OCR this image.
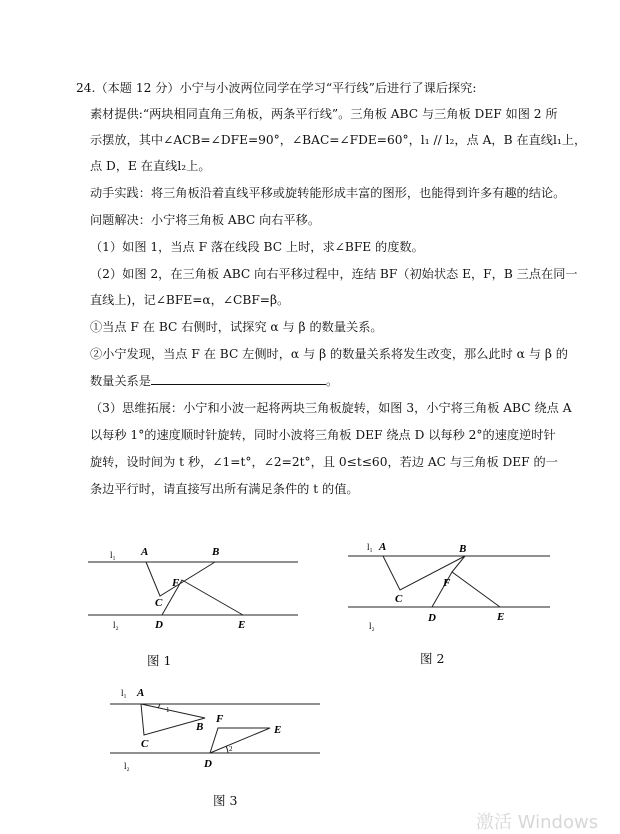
24.（本题 12 分）小宁与小波两位同学在学习“平行线”后进行了课后探究:
素材提供:“两块相同直角三角板，两条平行线”。三角板 ABC 与三角板 DEF 如图 2 所
示摆放，其中∠ACB=∠DFE=90°，∠BAC=∠FDE=60°，l₁ // l₂，点 A，B 在直线l₁上，
点 D，E 在直线l₂上。
动手实践：将三角板沿着直线平移或旋转能形成丰富的图形，也能得到许多有趣的结论。
问题解决：小宁将三角板 ABC 向右平移。
（1）如图 1，当点 F 落在线段 BC 上时，求∠BFE 的度数。
（2）如图 2，在三角板 ABC 向右平移过程中，连结 BF（初始状态 E，F，B 三点在同一
直线上)，记∠BFE=α，∠CBF=β。
①当点 F 在 BC 右侧时，试探究 α 与 β 的数量关系。
②小宁发现，当点 F 在 BC 左侧时，α 与 β 的数量关系将发生改变，那么此时 α 与 β 的
数量关系是	。
（3）思维拓展：小宁和小波一起将两块三角板旋转，如图 3，小宁将三角板 ABC 绕点 A
以每秒 1°的速度顺时针旋转，同时小波将三角板 DEF 绕点 D 以每秒 2°的速度逆时针
旋转，设时间为 t 秒，∠1=t°，∠2=2t°，且 0≤t≤60，若边 AC 与三角板 DEF 的一
条边平行时，请直接写出所有满足条件的 t 的值。
l₁
l₂
A	B
C
F
D	E
l₁
l₂
A	B
C
F
D	E
l₁
l₂
A
B
C
F
D
E
1
2
图 1	图 2
图 3
激活 Windows
